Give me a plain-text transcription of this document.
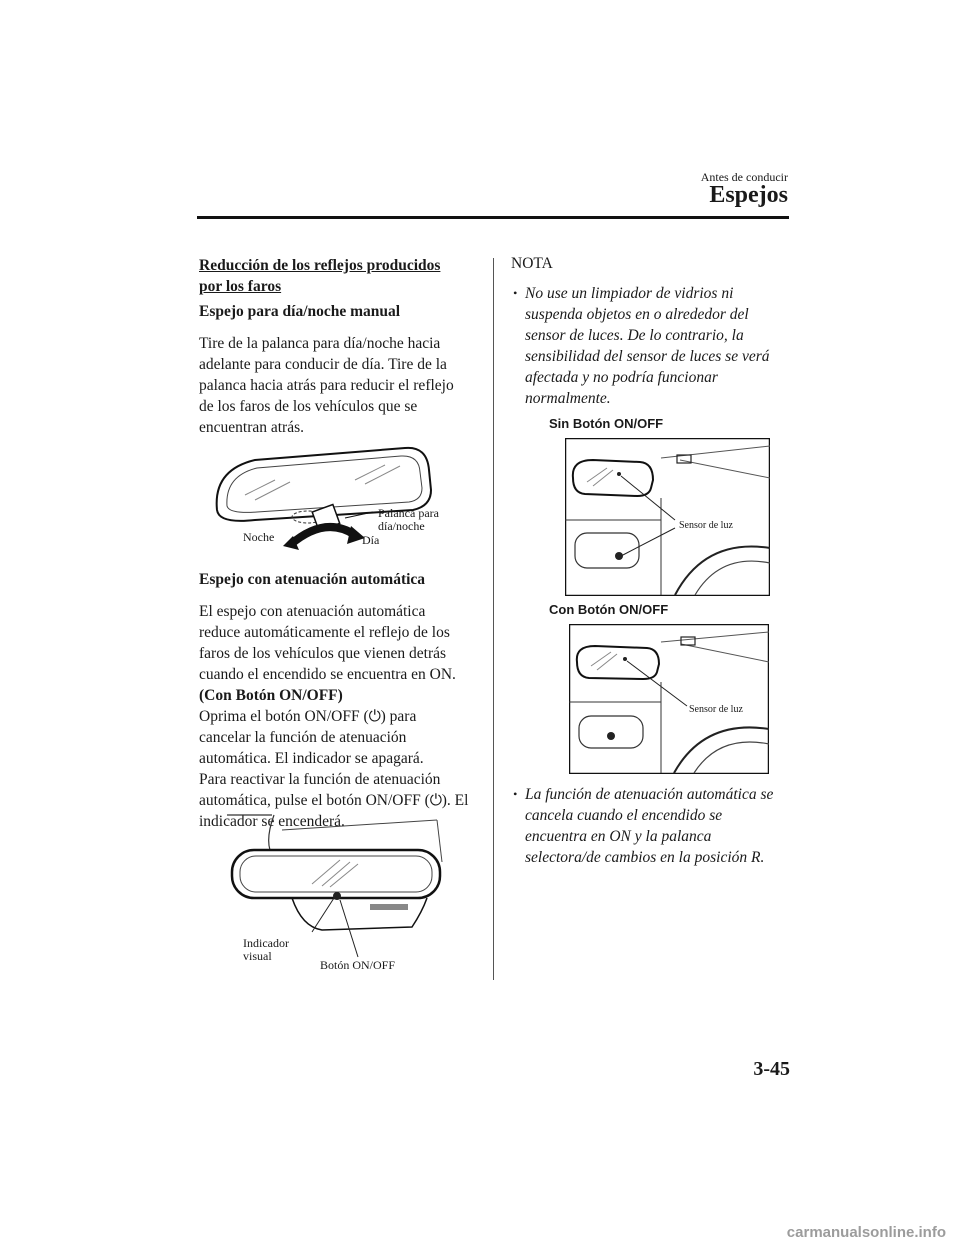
Antes de conducir
Espejos
Reducción de los reflejos producidos
por los faros
Espejo para día/noche manual
Tire de la palanca para día/noche hacia
adelante para conducir de día. Tire de la
palanca hacia atrás para reducir el reflejo
de los faros de los vehículos que se
encuentran atrás.
Palanca para
día/noche
Noche	Día
Espejo con atenuación automática
El espejo con atenuación automática
reduce automáticamente el reflejo de los
faros de los vehículos que vienen detrás
cuando el encendido se encuentra en ON.
(Con Botón ON/OFF)
Oprima el botón ON/OFF (⏻) para
cancelar la función de atenuación
automática. El indicador se apagará.
Para reactivar la función de atenuación
automática, pulse el botón ON/OFF (⏻). El
indicador se encenderá.
Indicador
visual
Botón ON/OFF
NOTA
• No use un limpiador de vidrios ni
suspenda objetos en o alrededor del
sensor de luces. De lo contrario, la
sensibilidad del sensor de luces se verá
afectada y no podría funcionar
normalmente.
Sin Botón ON/OFF
Sensor de luz
Con Botón ON/OFF
Sensor de luz
• La función de atenuación automática se
cancela cuando el encendido se
encuentra en ON y la palanca
selectora/de cambios en la posición R.
3-45
carmanualsonline.info
